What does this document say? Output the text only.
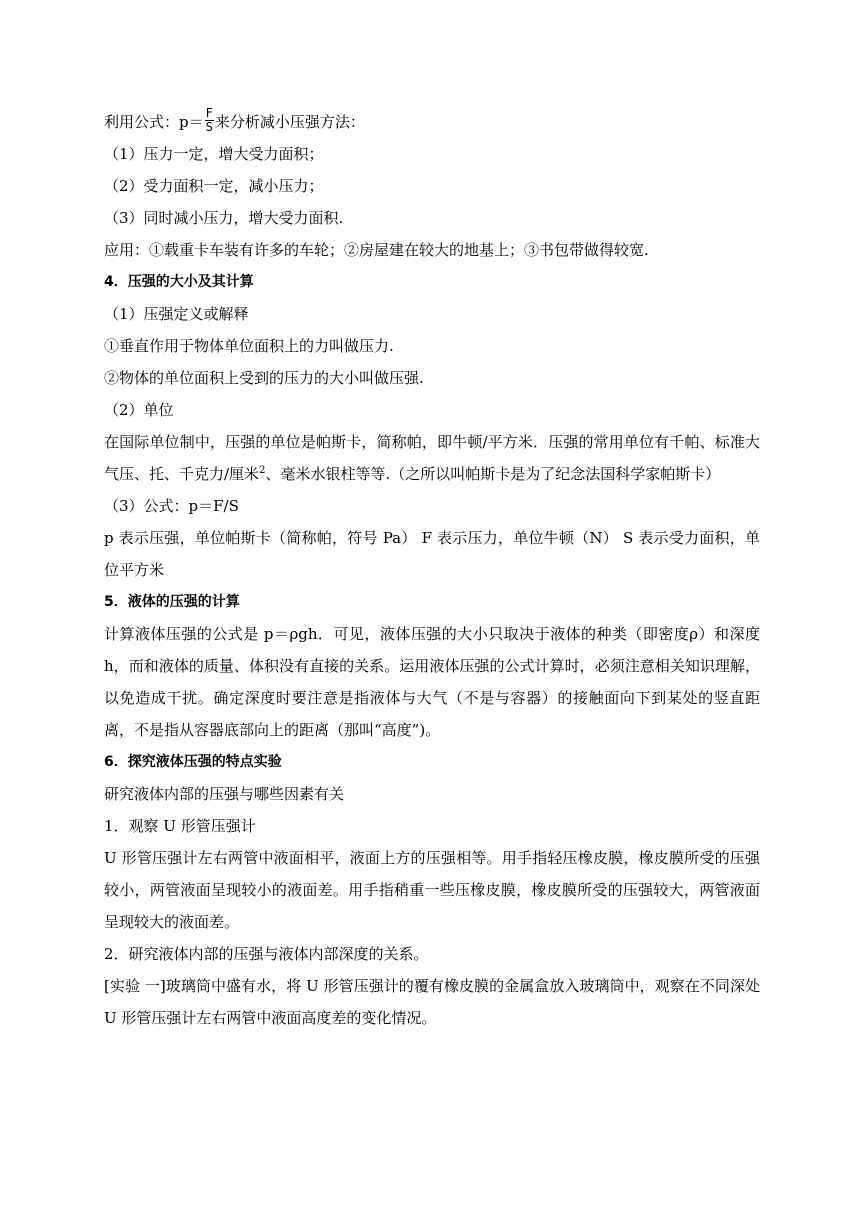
利用公式：$p= \frac{F}{S}$ 来分析减小压强方法：

（1）压力一定，增大受力面积；

（2）受力面积一定，减小压力；

（3）同时减小压力，增大受力面积.

应用：①载重卡车装有许多的车轮；②房屋建在较大的地基上；③书包带做得较宽.

4．压强的大小及其计算

（1）压强定义或解释

①垂直作用于物体单位面积上的力叫做压力.

②物体的单位面积上受到的压力的大小叫做压强.

（2）单位

在国际单位制中，压强的单位是帕斯卡，简称帕，即牛顿/平方米．压强的常用单位有千帕、标准大气压、托、千克力/厘米$^2$、毫米水银柱等等.（之所以叫帕斯卡是为了纪念法国科学家帕斯卡）

（3）公式：p＝F/S

p 表示压强，单位帕斯卡（简称帕，符号 Pa） F 表示压力，单位牛顿（N） S 表示受力面积，单位平方米

5．液体的压强的计算

计算液体压强的公式是 p＝ρgh．可见，液体压强的大小只取决于液体的种类（即密度ρ）和深度 h，而和液体的质量、体积没有直接的关系。运用液体压强的公式计算时，必须注意相关知识理解，以免造成干扰。确定深度时要注意是指液体与大气（不是与容器）的接触面向下到某处的竖直距离，不是指从容器底部向上的距离（那叫“高度”)。

6．探究液体压强的特点实验

研究液体内部的压强与哪些因素有关

1．观察 U 形管压强计

U 形管压强计左右两管中液面相平，液面上方的压强相等。用手指轻压橡皮膜，橡皮膜所受的压强较小，两管液面呈现较小的液面差。用手指稍重一些压橡皮膜，橡皮膜所受的压强较大，两管液面呈现较大的液面差。

2．研究液体内部的压强与液体内部深度的关系。

[实验 一]玻璃筒中盛有水，将 U 形管压强计的覆有橡皮膜的金属盒放入玻璃筒中，观察在不同深处 U 形管压强计左右两管中液面高度差的变化情况。
